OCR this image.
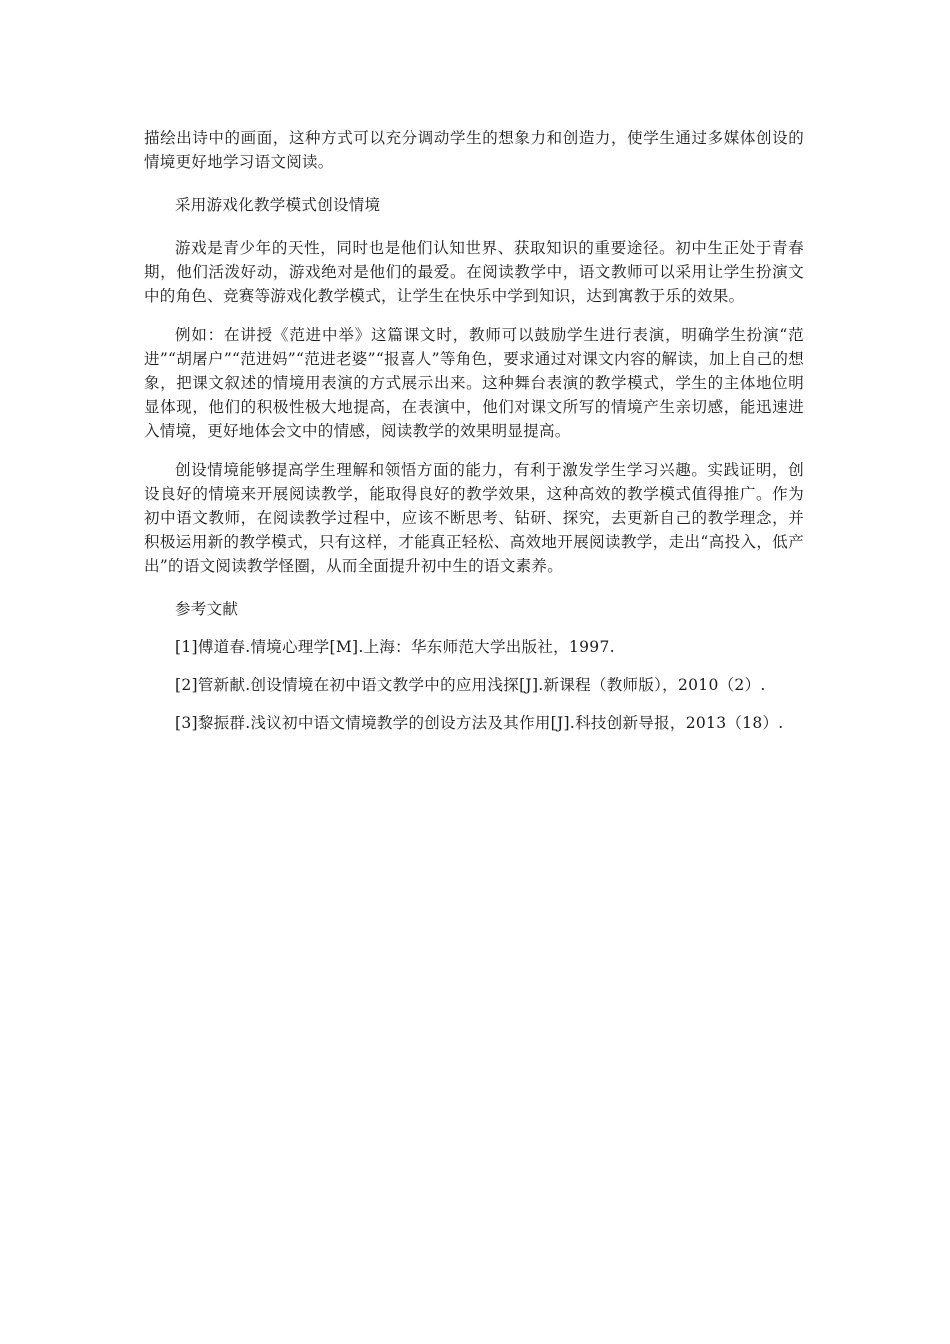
描绘出诗中的画面，这种方式可以充分调动学生的想象力和创造力，使学生通过多媒体创设的情境更好地学习语文阅读。

采用游戏化教学模式创设情境

游戏是青少年的天性，同时也是他们认知世界、获取知识的重要途径。初中生正处于青春期，他们活泼好动，游戏绝对是他们的最爱。在阅读教学中，语文教师可以采用让学生扮演文中的角色、竞赛等游戏化教学模式，让学生在快乐中学到知识，达到寓教于乐的效果。

例如：在讲授《范进中举》这篇课文时，教师可以鼓励学生进行表演，明确学生扮演“范进”“胡屠户”“范进妈”“范进老婆”“报喜人”等角色，要求通过对课文内容的解读，加上自己的想象，把课文叙述的情境用表演的方式展示出来。这种舞台表演的教学模式，学生的主体地位明显体现，他们的积极性极大地提高，在表演中，他们对课文所写的情境产生亲切感，能迅速进入情境，更好地体会文中的情感，阅读教学的效果明显提高。

创设情境能够提高学生理解和领悟方面的能力，有利于激发学生学习兴趣。实践证明，创设良好的情境来开展阅读教学，能取得良好的教学效果，这种高效的教学模式值得推广。作为初中语文教师，在阅读教学过程中，应该不断思考、钻研、探究，去更新自己的教学理念，并积极运用新的教学模式，只有这样，才能真正轻松、高效地开展阅读教学，走出“高投入，低产出”的语文阅读教学怪圈，从而全面提升初中生的语文素养。

参考文献

[1]傅道春.情境心理学[M].上海：华东师范大学出版社，1997.

[2]管新献.创设情境在初中语文教学中的应用浅探[J].新课程（教师版），2010（2）.

[3]黎振群.浅议初中语文情境教学的创设方法及其作用[J].科技创新导报，2013（18）.
